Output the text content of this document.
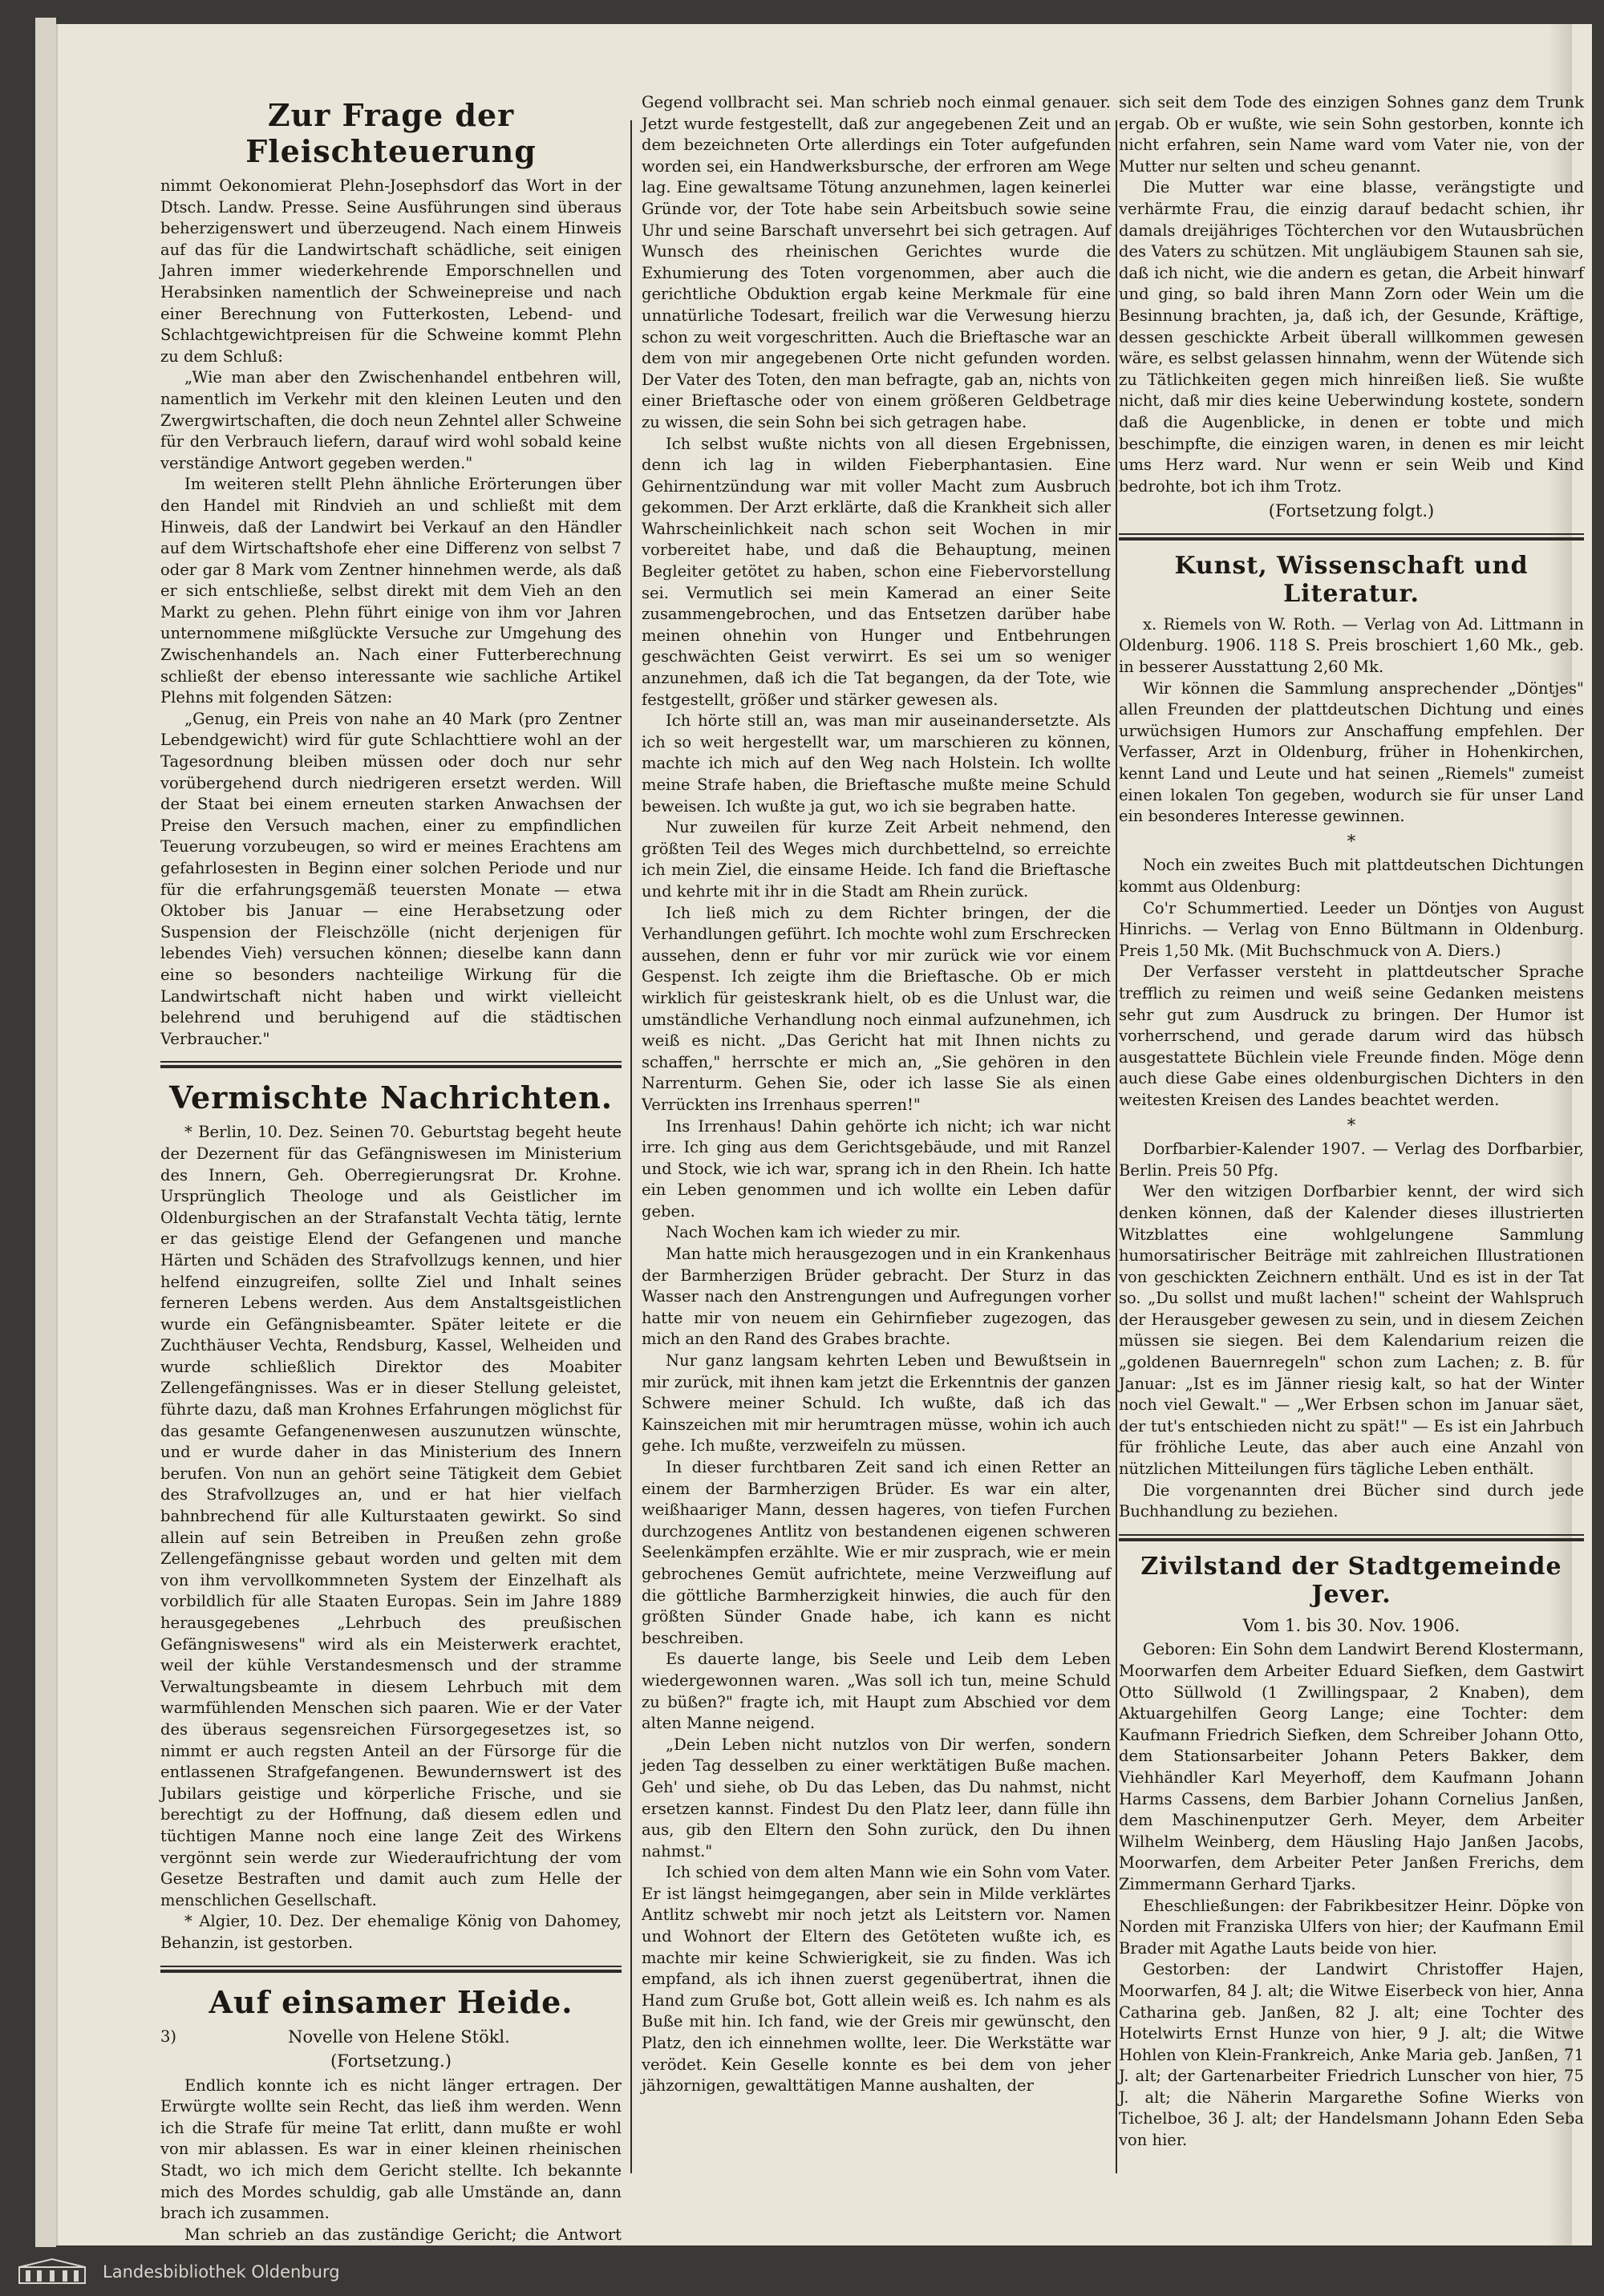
Zur Frage der Fleischteuerung

nimmt Oekonomierat Plehn-Josephsdorf das Wort in der Dtsch. Landw. Presse. Seine Ausführungen sind überaus beherzigenswert und überzeugend. Nach einem Hinweis auf das für die Landwirtschaft schädliche, seit einigen Jahren immer wiederkehrende Emporschnellen und Herabsinken namentlich der Schweinepreise und nach einer Berechnung von Futterkosten, Lebend- und Schlachtgewichtpreisen für die Schweine kommt Plehn zu dem Schluß:

„Wie man aber den Zwischenhandel entbehren will, namentlich im Verkehr mit den kleinen Leuten und den Zwergwirtschaften, die doch neun Zehntel aller Schweine für den Verbrauch liefern, darauf wird wohl sobald keine verständige Antwort gegeben werden."

Im weiteren stellt Plehn ähnliche Erörterungen über den Handel mit Rindvieh an und schließt mit dem Hinweis, daß der Landwirt bei Verkauf an den Händler auf dem Wirtschaftshofe eher eine Differenz von selbst 7 oder gar 8 Mark vom Zentner hinnehmen werde, als daß er sich entschließe, selbst direkt mit dem Vieh an den Markt zu gehen. Plehn führt einige von ihm vor Jahren unternommene mißglückte Versuche zur Umgehung des Zwischenhandels an. Nach einer Futterberechnung schließt der ebenso interessante wie sachliche Artikel Plehns mit folgenden Sätzen:

„Genug, ein Preis von nahe an 40 Mark (pro Zentner Lebendgewicht) wird für gute Schlachttiere wohl an der Tagesordnung bleiben müssen oder doch nur sehr vorübergehend durch niedrigeren ersetzt werden. Will der Staat bei einem erneuten starken Anwachsen der Preise den Versuch machen, einer zu empfindlichen Teuerung vorzubeugen, so wird er meines Erachtens am gefahrlosesten in Beginn einer solchen Periode und nur für die erfahrungsgemäß teuersten Monate — etwa Oktober bis Januar — eine Herabsetzung oder Suspension der Fleischzölle (nicht derjenigen für lebendes Vieh) versuchen können; dieselbe kann dann eine so besonders nachteilige Wirkung für die Landwirtschaft nicht haben und wirkt vielleicht belehrend und beruhigend auf die städtischen Verbraucher."

Vermischte Nachrichten.

* Berlin, 10. Dez. Seinen 70. Geburtstag begeht heute der Dezernent für das Gefängniswesen im Ministerium des Innern, Geh. Oberregierungsrat Dr. Krohne. Ursprünglich Theologe und als Geistlicher im Oldenburgischen an der Strafanstalt Vechta tätig, lernte er das geistige Elend der Gefangenen und manche Härten und Schäden des Strafvollzugs kennen, und hier helfend einzugreifen, sollte Ziel und Inhalt seines ferneren Lebens werden. Aus dem Anstaltsgeistlichen wurde ein Gefängnisbeamter. Später leitete er die Zuchthäuser Vechta, Rendsburg, Kassel, Welheiden und wurde schließlich Direktor des Moabiter Zellengefängnisses. Was er in dieser Stellung geleistet, führte dazu, daß man Krohnes Erfahrungen möglichst für das gesamte Gefangenenwesen auszunutzen wünschte, und er wurde daher in das Ministerium des Innern berufen. Von nun an gehört seine Tätigkeit dem Gebiet des Strafvollzuges an, und er hat hier vielfach bahnbrechend für alle Kulturstaaten gewirkt. So sind allein auf sein Betreiben in Preußen zehn große Zellengefängnisse gebaut worden und gelten mit dem von ihm vervollkommneten System der Einzelhaft als vorbildlich für alle Staaten Europas. Sein im Jahre 1889 herausgegebenes „Lehrbuch des preußischen Gefängniswesens" wird als ein Meisterwerk erachtet, weil der kühle Verstandesmensch und der stramme Verwaltungsbeamte in diesem Lehrbuch mit dem warmfühlenden Menschen sich paaren. Wie er der Vater des überaus segensreichen Fürsorgegesetzes ist, so nimmt er auch regsten Anteil an der Fürsorge für die entlassenen Strafgefangenen. Bewundernswert ist des Jubilars geistige und körperliche Frische, und sie berechtigt zu der Hoffnung, daß diesem edlen und tüchtigen Manne noch eine lange Zeit des Wirkens vergönnt sein werde zur Wiederaufrichtung der vom Gesetze Bestraften und damit auch zum Helle der menschlichen Gesellschaft.

* Algier, 10. Dez. Der ehemalige König von Dahomey, Behanzin, ist gestorben.

Auf einsamer Heide.

3)	Novelle von Helene Stökl.

(Fortsetzung.)

Endlich konnte ich es nicht länger ertragen. Der Erwürgte wollte sein Recht, das ließ ihm werden. Wenn ich die Strafe für meine Tat erlitt, dann mußte er wohl von mir ablassen. Es war in einer kleinen rheinischen Stadt, wo ich mich dem Gericht stellte. Ich bekannte mich des Mordes schuldig, gab alle Umstände an, dann brach ich zusammen.

Man schrieb an das zuständige Gericht; die Antwort

Gegend vollbracht sei. Man schrieb noch einmal genauer. Jetzt wurde festgestellt, daß zur angegebenen Zeit und an dem bezeichneten Orte allerdings ein Toter aufgefunden worden sei, ein Handwerksbursche, der erfroren am Wege lag. Eine gewaltsame Tötung anzunehmen, lagen keinerlei Gründe vor, der Tote habe sein Arbeitsbuch sowie seine Uhr und seine Barschaft unversehrt bei sich getragen. Auf Wunsch des rheinischen Gerichtes wurde die Exhumierung des Toten vorgenommen, aber auch die gerichtliche Obduktion ergab keine Merkmale für eine unnatürliche Todesart, freilich war die Verwesung hierzu schon zu weit vorgeschritten. Auch die Brieftasche war an dem von mir angegebenen Orte nicht gefunden worden. Der Vater des Toten, den man befragte, gab an, nichts von einer Brieftasche oder von einem größeren Geldbetrage zu wissen, die sein Sohn bei sich getragen habe.

Ich selbst wußte nichts von all diesen Ergebnissen, denn ich lag in wilden Fieberphantasien. Eine Gehirnentzündung war mit voller Macht zum Ausbruch gekommen. Der Arzt erklärte, daß die Krankheit sich aller Wahrscheinlichkeit nach schon seit Wochen in mir vorbereitet habe, und daß die Behauptung, meinen Begleiter getötet zu haben, schon eine Fiebervorstellung sei. Vermutlich sei mein Kamerad an einer Seite zusammengebrochen, und das Entsetzen darüber habe meinen ohnehin von Hunger und Entbehrungen geschwächten Geist verwirrt. Es sei um so weniger anzunehmen, daß ich die Tat begangen, da der Tote, wie festgestellt, größer und stärker gewesen als.

Ich hörte still an, was man mir auseinandersetzte. Als ich so weit hergestellt war, um marschieren zu können, machte ich mich auf den Weg nach Holstein. Ich wollte meine Strafe haben, die Brieftasche mußte meine Schuld beweisen. Ich wußte ja gut, wo ich sie begraben hatte.

Nur zuweilen für kurze Zeit Arbeit nehmend, den größten Teil des Weges mich durchbettelnd, so erreichte ich mein Ziel, die einsame Heide. Ich fand die Brieftasche und kehrte mit ihr in die Stadt am Rhein zurück.

Ich ließ mich zu dem Richter bringen, der die Verhandlungen geführt. Ich mochte wohl zum Erschrecken aussehen, denn er fuhr vor mir zurück wie vor einem Gespenst. Ich zeigte ihm die Brieftasche. Ob er mich wirklich für geisteskrank hielt, ob es die Unlust war, die umständliche Verhandlung noch einmal aufzunehmen, ich weiß es nicht. „Das Gericht hat mit Ihnen nichts zu schaffen," herrschte er mich an, „Sie gehören in den Narrenturm. Gehen Sie, oder ich lasse Sie als einen Verrückten ins Irrenhaus sperren!"

Ins Irrenhaus! Dahin gehörte ich nicht; ich war nicht irre. Ich ging aus dem Gerichtsgebäude, und mit Ranzel und Stock, wie ich war, sprang ich in den Rhein. Ich hatte ein Leben genommen und ich wollte ein Leben dafür geben.

Nach Wochen kam ich wieder zu mir.

Man hatte mich herausgezogen und in ein Krankenhaus der Barmherzigen Brüder gebracht. Der Sturz in das Wasser nach den Anstrengungen und Aufregungen vorher hatte mir von neuem ein Gehirnfieber zugezogen, das mich an den Rand des Grabes brachte.

Nur ganz langsam kehrten Leben und Bewußtsein in mir zurück, mit ihnen kam jetzt die Erkenntnis der ganzen Schwere meiner Schuld. Ich wußte, daß ich das Kainszeichen mit mir herumtragen müsse, wohin ich auch gehe. Ich mußte, verzweifeln zu müssen.

In dieser furchtbaren Zeit sand ich einen Retter an einem der Barmherzigen Brüder. Es war ein alter, weißhaariger Mann, dessen hageres, von tiefen Furchen durchzogenes Antlitz von bestandenen eigenen schweren Seelenkämpfen erzählte. Wie er mir zusprach, wie er mein gebrochenes Gemüt aufrichtete, meine Verzweiflung auf die göttliche Barmherzigkeit hinwies, die auch für den größten Sünder Gnade habe, ich kann es nicht beschreiben.

Es dauerte lange, bis Seele und Leib dem Leben wiedergewonnen waren. „Was soll ich tun, meine Schuld zu büßen?" fragte ich, mit Haupt zum Abschied vor dem alten Manne neigend.

„Dein Leben nicht nutzlos von Dir werfen, sondern jeden Tag desselben zu einer werktätigen Buße machen. Geh' und siehe, ob Du das Leben, das Du nahmst, nicht ersetzen kannst. Findest Du den Platz leer, dann fülle ihn aus, gib den Eltern den Sohn zurück, den Du ihnen nahmst."

Ich schied von dem alten Mann wie ein Sohn vom Vater. Er ist längst heimgegangen, aber sein in Milde verklärtes Antlitz schwebt mir noch jetzt als Leitstern vor. Namen und Wohnort der Eltern des Getöteten wußte ich, es machte mir keine Schwierigkeit, sie zu finden. Was ich empfand, als ich ihnen zuerst gegenübertrat, ihnen die Hand zum Gruße bot, Gott allein weiß es. Ich nahm es als Buße mit hin. Ich fand, wie der Greis mir gewünscht, den Platz, den ich einnehmen wollte, leer. Die Werkstätte war verödet. Kein Geselle konnte es bei dem von jeher jähzornigen, gewalttätigen Manne aushalten, der

sich seit dem Tode des einzigen Sohnes ganz dem Trunk ergab. Ob er wußte, wie sein Sohn gestorben, konnte ich nicht erfahren, sein Name ward vom Vater nie, von der Mutter nur selten und scheu genannt.

Die Mutter war eine blasse, verängstigte und verhärmte Frau, die einzig darauf bedacht schien, ihr damals dreijähriges Töchterchen vor den Wutausbrüchen des Vaters zu schützen. Mit ungläubigem Staunen sah sie, daß ich nicht, wie die andern es getan, die Arbeit hinwarf und ging, so bald ihren Mann Zorn oder Wein um die Besinnung brachten, ja, daß ich, der Gesunde, Kräftige, dessen geschickte Arbeit überall willkommen gewesen wäre, es selbst gelassen hinnahm, wenn der Wütende sich zu Tätlichkeiten gegen mich hinreißen ließ. Sie wußte nicht, daß mir dies keine Ueberwindung kostete, sondern daß die Augenblicke, in denen er tobte und mich beschimpfte, die einzigen waren, in denen es mir leicht ums Herz ward. Nur wenn er sein Weib und Kind bedrohte, bot ich ihm Trotz.

(Fortsetzung folgt.)

Kunst, Wissenschaft und Literatur.

x. Riemels von W. Roth. — Verlag von Ad. Littmann in Oldenburg. 1906. 118 S. Preis broschiert 1,60 Mk., geb. in besserer Ausstattung 2,60 Mk.

Wir können die Sammlung ansprechender „Döntjes" allen Freunden der plattdeutschen Dichtung und eines urwüchsigen Humors zur Anschaffung empfehlen. Der Verfasser, Arzt in Oldenburg, früher in Hohenkirchen, kennt Land und Leute und hat seinen „Riemels" zumeist einen lokalen Ton gegeben, wodurch sie für unser Land ein besonderes Interesse gewinnen.

*

Noch ein zweites Buch mit plattdeutschen Dichtungen kommt aus Oldenburg:

Co'r Schummertied. Leeder un Döntjes von August Hinrichs. — Verlag von Enno Bültmann in Oldenburg. Preis 1,50 Mk. (Mit Buchschmuck von A. Diers.)

Der Verfasser versteht in plattdeutscher Sprache trefflich zu reimen und weiß seine Gedanken meistens sehr gut zum Ausdruck zu bringen. Der Humor ist vorherrschend, und gerade darum wird das hübsch ausgestattete Büchlein viele Freunde finden. Möge denn auch diese Gabe eines oldenburgischen Dichters in den weitesten Kreisen des Landes beachtet werden.

*

Dorfbarbier-Kalender 1907. — Verlag des Dorfbarbier, Berlin. Preis 50 Pfg.

Wer den witzigen Dorfbarbier kennt, der wird sich denken können, daß der Kalender dieses illustrierten Witzblattes eine wohlgelungene Sammlung humorsatirischer Beiträge mit zahlreichen Illustrationen von geschickten Zeichnern enthält. Und es ist in der Tat so. „Du sollst und mußt lachen!" scheint der Wahlspruch der Herausgeber gewesen zu sein, und in diesem Zeichen müssen sie siegen. Bei dem Kalendarium reizen die „goldenen Bauernregeln" schon zum Lachen; z. B. für Januar: „Ist es im Jänner riesig kalt, so hat der Winter noch viel Gewalt." — „Wer Erbsen schon im Januar säet, der tut's entschieden nicht zu spät!" — Es ist ein Jahrbuch für fröhliche Leute, das aber auch eine Anzahl von nützlichen Mitteilungen fürs tägliche Leben enthält.

Die vorgenannten drei Bücher sind durch jede Buchhandlung zu beziehen.

Zivilstand der Stadtgemeinde Jever.

Vom 1. bis 30. Nov. 1906.

Geboren: Ein Sohn dem Landwirt Berend Klostermann, Moorwarfen dem Arbeiter Eduard Siefken, dem Gastwirt Otto Süllwold (1 Zwillingspaar, 2 Knaben), dem Aktuargehilfen Georg Lange; eine Tochter: dem Kaufmann Friedrich Siefken, dem Schreiber Johann Otto, dem Stationsarbeiter Johann Peters Bakker, dem Viehhändler Karl Meyerhoff, dem Kaufmann Johann Harms Cassens, dem Barbier Johann Cornelius Janßen, dem Maschinenputzer Gerh. Meyer, dem Arbeiter Wilhelm Weinberg, dem Häusling Hajo Janßen Jacobs, Moorwarfen, dem Arbeiter Peter Janßen Frerichs, dem Zimmermann Gerhard Tjarks.

Eheschließungen: der Fabrikbesitzer Heinr. Döpke von Norden mit Franziska Ulfers von hier; der Kaufmann Emil Brader mit Agathe Lauts beide von hier.

Gestorben: der Landwirt Christoffer Hajen, Moorwarfen, 84 J. alt; die Witwe Eiserbeck von hier, Anna Catharina geb. Janßen, 82 J. alt; eine Tochter des Hotelwirts Ernst Hunze von hier, 9 J. alt; die Witwe Hohlen von Klein-Frankreich, Anke Maria geb. Janßen, 71 J. alt; der Gartenarbeiter Friedrich Lunscher von hier, 75 J. alt; die Näherin Margarethe Sofine Wierks von Tichelboe, 36 J. alt; der Handelsmann Johann Eden Seba von hier.

Landesbibliothek Oldenburg
